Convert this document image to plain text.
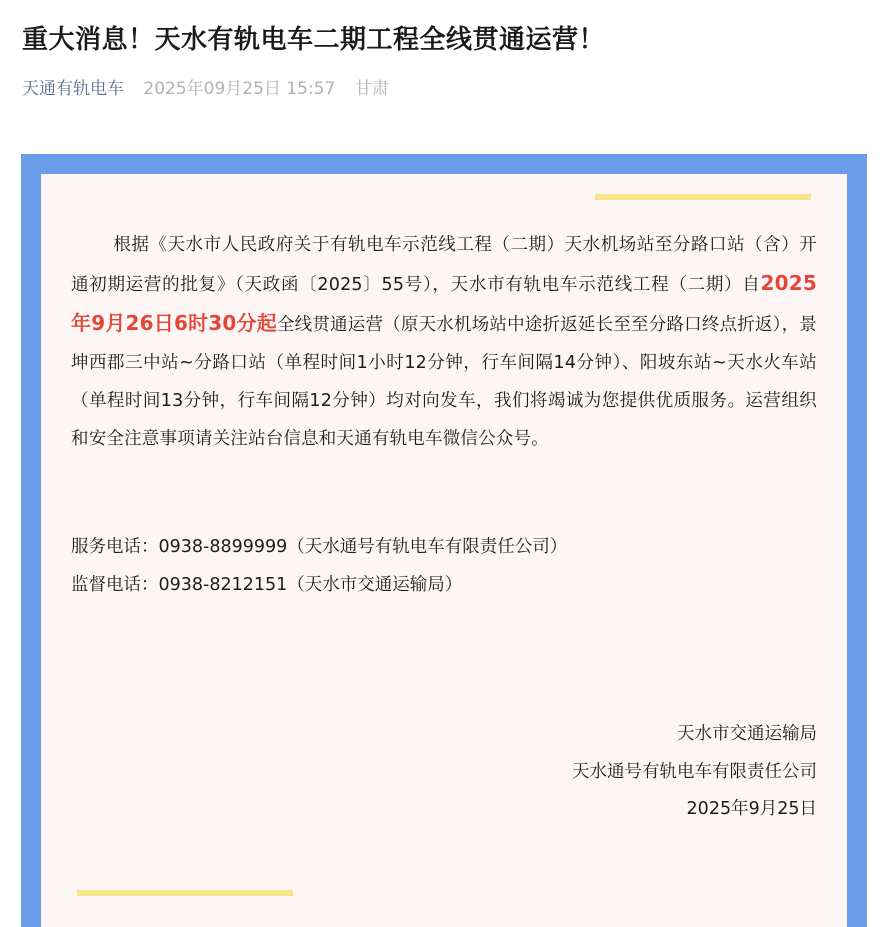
重大消息！天水有轨电车二期工程全线贯通运营！
天通有轨电车 2025年09月25日 15:57 甘肃

根据《天水市人民政府关于有轨电车示范线工程（二期）天水机场站至分路口站（含）开通初期运营的批复》（天政函〔2025〕55号），天水市有轨电车示范线工程（二期）自2025年9月26日6时30分起全线贯通运营（原天水机场站中途折返延长至至分路口终点折返），景坤西郡三中站~分路口站（单程时间1小时12分钟，行车间隔14分钟）、阳坡东站~天水火车站（单程时间13分钟，行车间隔12分钟）均对向发车，我们将竭诚为您提供优质服务。运营组织和安全注意事项请关注站台信息和天通有轨电车微信公众号。

服务电话：0938-8899999（天水通号有轨电车有限责任公司）
监督电话：0938-8212151（天水市交通运输局）
天水市交通运输局
天水通号有轨电车有限责任公司
2025年9月25日
